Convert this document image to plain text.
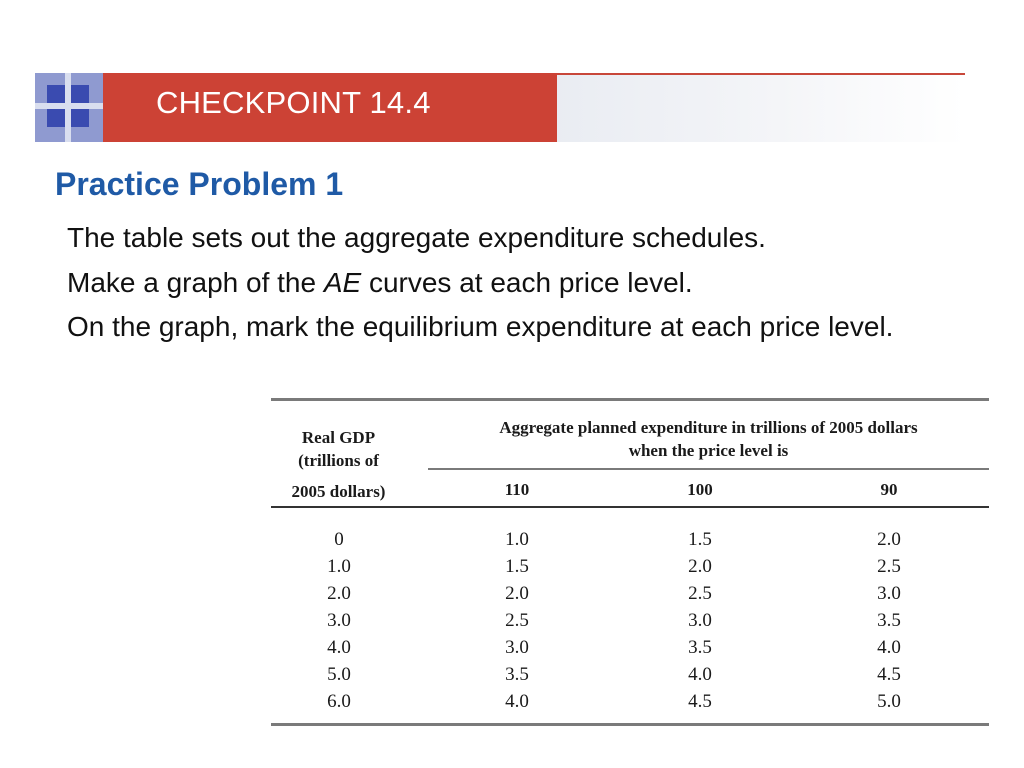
CHECKPOINT 14.4
Practice Problem 1

The table sets out the aggregate expenditure schedules.

Make a graph of the AE curves at each price level.

On the graph, mark the equilibrium expenditure at each price level.

Real GDP
(trillions of
2005 dollars)
Aggregate planned expenditure in trillions of 2005 dollars
when the price level is
110	100	90
0
1.0
2.0
3.0
4.0
5.0
6.0
1.0
1.5
2.0
2.5
3.0
3.5
4.0
1.5
2.0
2.5
3.0
3.5
4.0
4.5
2.0
2.5
3.0
3.5
4.0
4.5
5.0
